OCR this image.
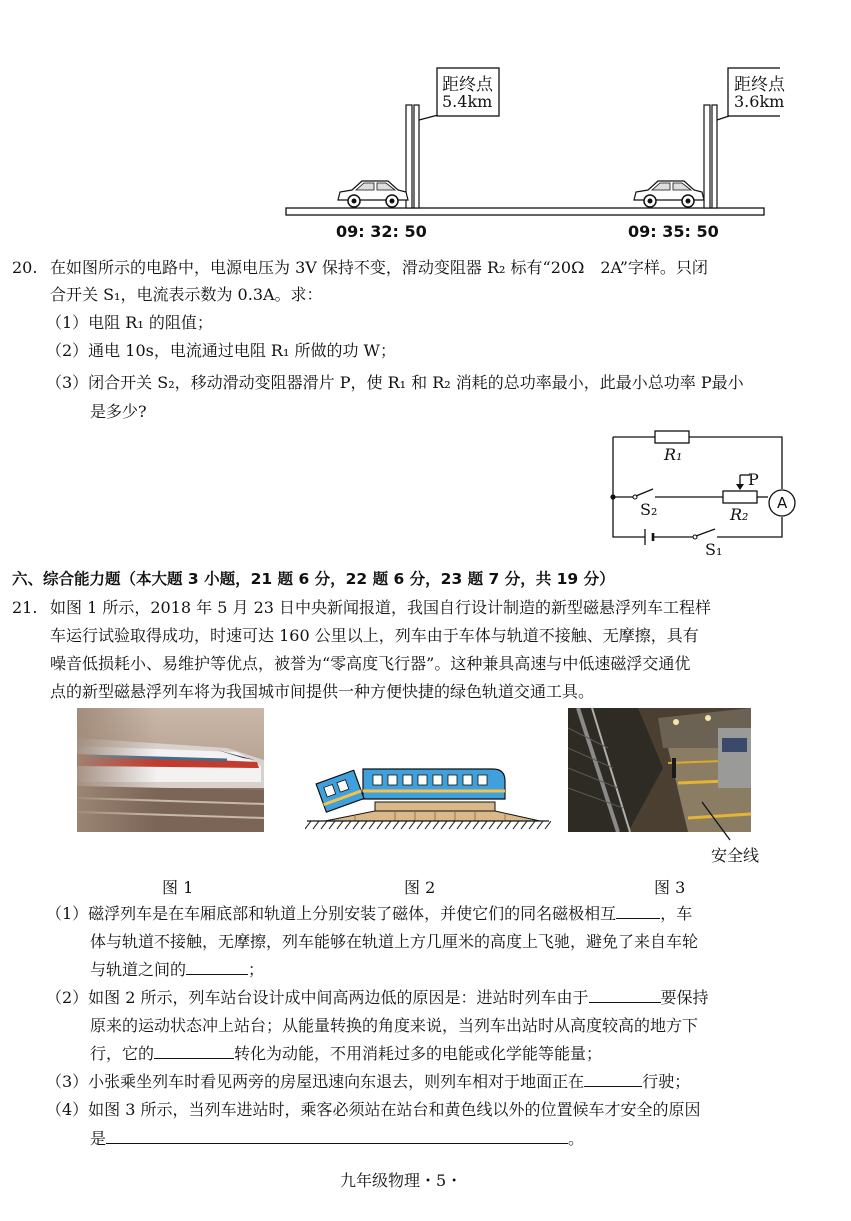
距终点
5.4km
距终点
3.6km
09: 32: 50	09: 35: 50
20. 在如图所示的电路中，电源电压为 3V 保持不变，滑动变阻器 R₂ 标有“20Ω　2A”字样。只闭
合开关 S₁，电流表示数为 0.3A。求：
（1）电阻 R₁ 的阻值；
（2）通电 10s，电流通过电阻 R₁ 所做的功 W；
（3）闭合开关 S₂，移动滑动变阻器滑片 P，使 R₁ 和 R₂ 消耗的总功率最小，此最小总功率 P最小
是多少?
R₁
R₂
P
S₂
S₁
A
六、综合能力题（本大题 3 小题，21 题 6 分，22 题 6 分，23 题 7 分，共 19 分）
21. 如图 1 所示，2018 年 5 月 23 日中央新闻报道，我国自行设计制造的新型磁悬浮列车工程样
车运行试验取得成功，时速可达 160 公里以上，列车由于车体与轨道不接触、无摩擦，具有
噪音低损耗小、易维护等优点，被誉为“零高度飞行器”。这种兼具高速与中低速磁浮交通优
点的新型磁悬浮列车将为我国城市间提供一种方便快捷的绿色轨道交通工具。
安全线
图 1	图 2	图 3
（1）磁浮列车是在车厢底部和轨道上分别安装了磁体，并使它们的同名磁极相互	，车
体与轨道不接触，无摩擦，列车能够在轨道上方几厘米的高度上飞驰，避免了来自车轮
与轨道之间的	；
（2）如图 2 所示，列车站台设计成中间高两边低的原因是：进站时列车由于	要保持
原来的运动状态冲上站台；从能量转换的角度来说，当列车出站时从高度较高的地方下
行，它的	转化为动能，不用消耗过多的电能或化学能等能量；
（3）小张乘坐列车时看见两旁的房屋迅速向东退去，则列车相对于地面正在	行驶；
（4）如图 3 所示，当列车进站时，乘客必须站在站台和黄色线以外的位置候车才安全的原因
是	。
九年级物理・5・
